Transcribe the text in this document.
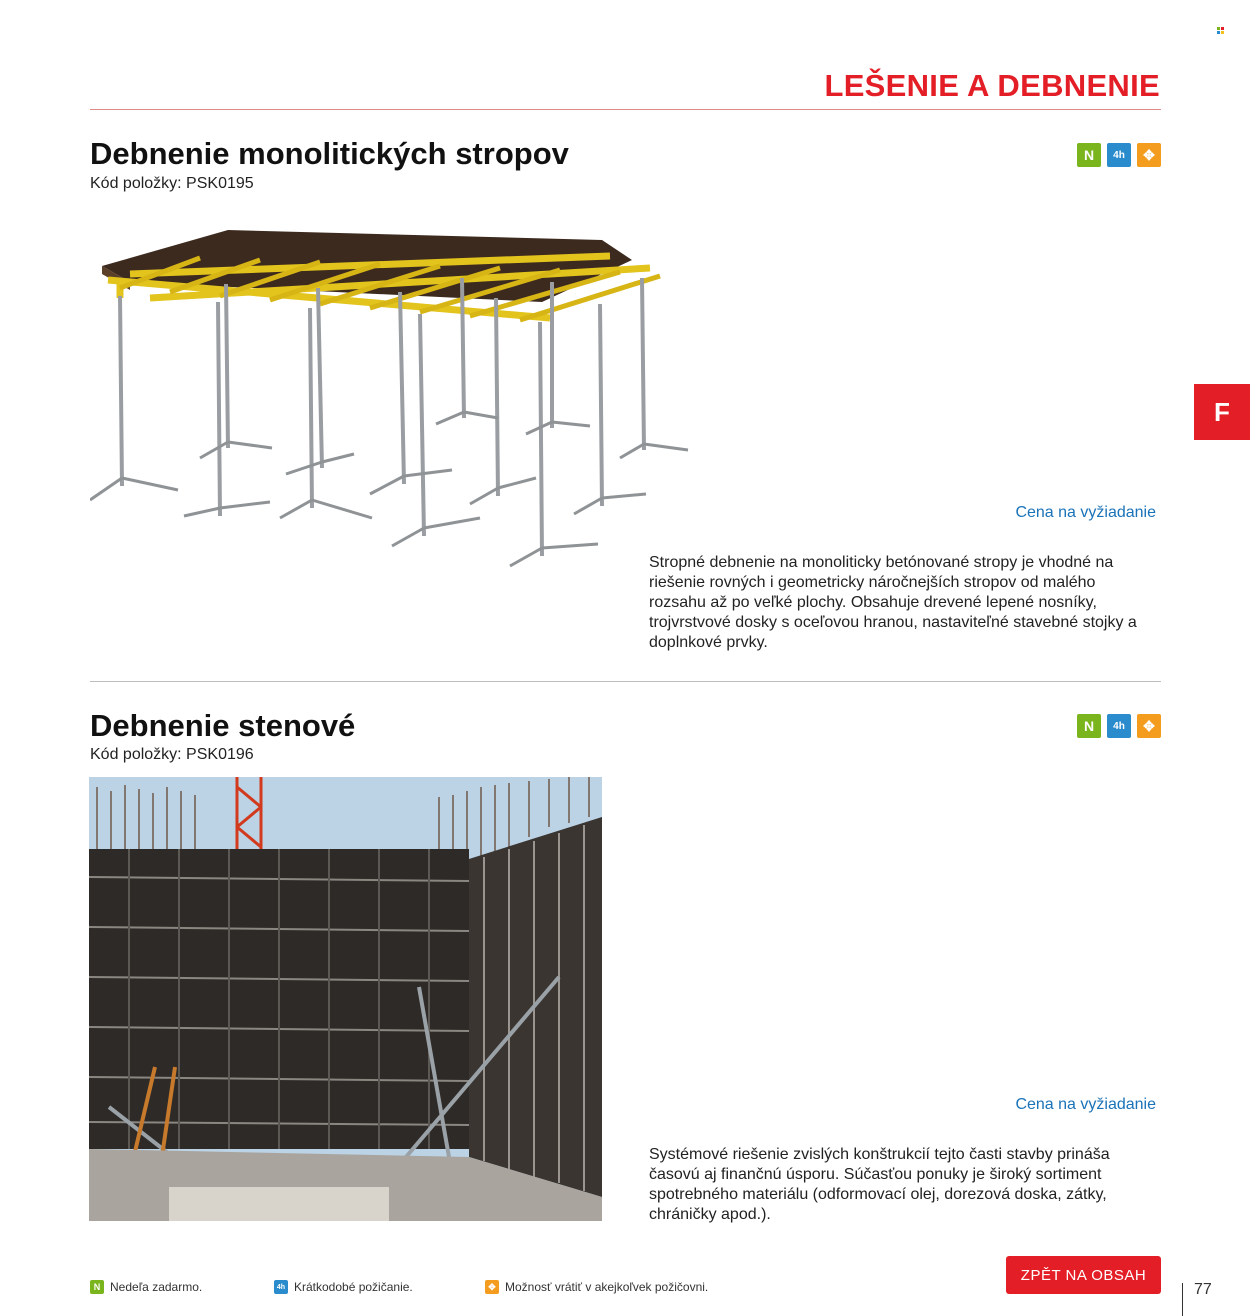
LEŠENIE A DEBNENIE
F
Debnenie monolitických stropov
Kód položky: PSK0195
N	4h	✥
Cena na vyžiadanie
Stropné debnenie na monoliticky betónované stropy je vhodné na riešenie rovných i geometricky náročnejších stropov od malého rozsahu až po veľké plochy. Obsahuje drevené lepené nosníky, trojvrstvové dosky s oceľovou hranou, nastaviteľné stavebné stojky a doplnkové prvky.
Debnenie stenové
Kód položky: PSK0196
N	4h	✥
Cena na vyžiadanie
Systémové riešenie zvislých konštrukcií tejto časti stavby prináša časovú aj finančnú úsporu. Súčasťou ponuky je široký sortiment spotrebného materiálu (odformovací olej, dorezová doska, zátky, chráničky apod.).
N Nedeľa zadarmo.	4h Krátkodobé požičanie.	✥ Možnosť vrátiť v akejkoľvek požičovni.
ZPĚT NA OBSAH
77
